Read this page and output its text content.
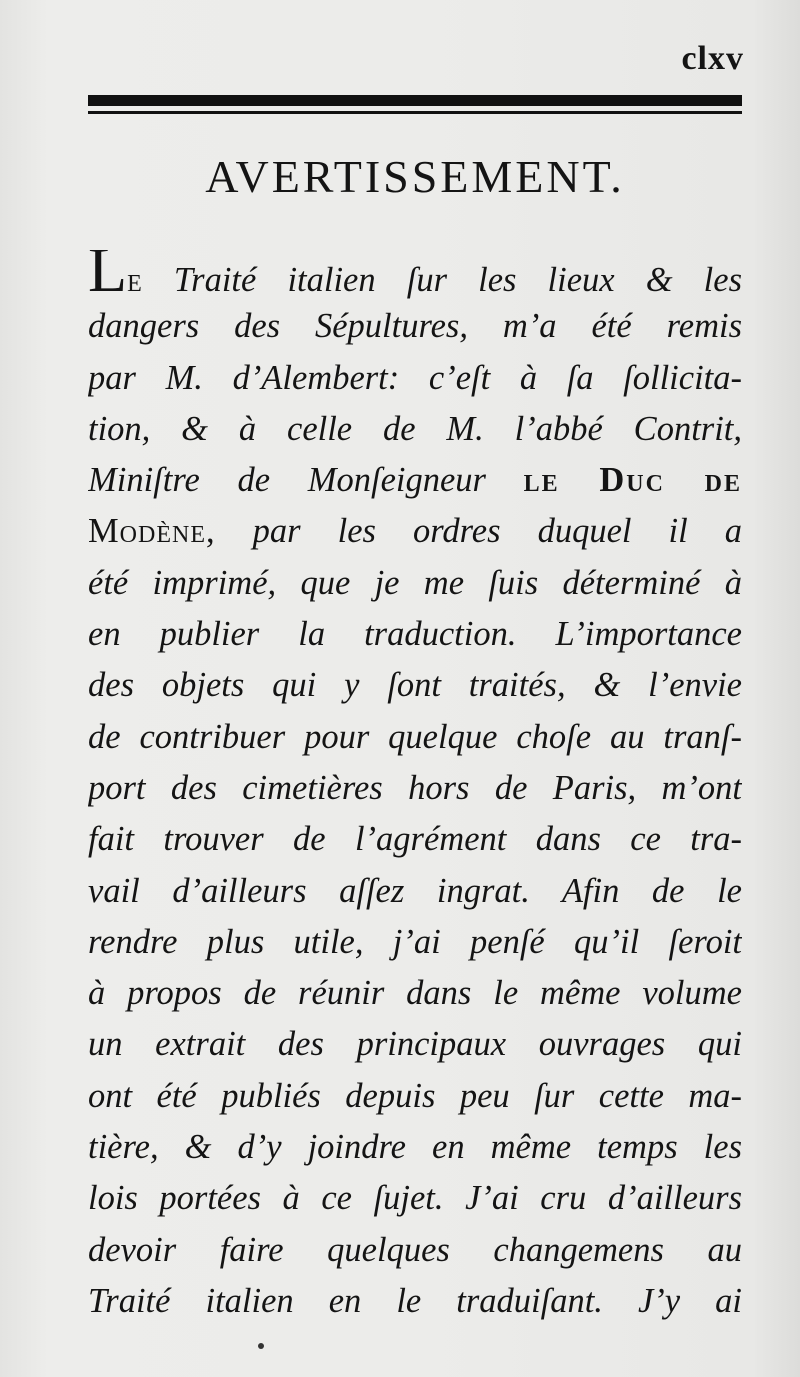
clxv
AVERTISSEMENT.
Le Traité italien ſur les lieux & les
dangers des Sépultures, m’a été remis
par M. d’Alembert: c’eſt à ſa ſollicita-
tion, & à celle de M. l’abbé Contrit,
Miniſtre de Monſeigneur le Duc de
Modène, par les ordres duquel il a
été imprimé, que je me ſuis déterminé à
en publier la traduction. L’importance
des objets qui y ſont traités, & l’envie
de contribuer pour quelque choſe au tranſ-
port des cimetières hors de Paris, m’ont
fait trouver de l’agrément dans ce tra-
vail d’ailleurs aſſez ingrat. Afin de le
rendre plus utile, j’ai penſé qu’il ſeroit
à propos de réunir dans le même volume
un extrait des principaux ouvrages qui
ont été publiés depuis peu ſur cette ma-
tière, & d’y joindre en même temps les
lois portées à ce ſujet. J’ai cru d’ailleurs
devoir faire quelques changemens au
Traité italien en le traduiſant. J’y ai
